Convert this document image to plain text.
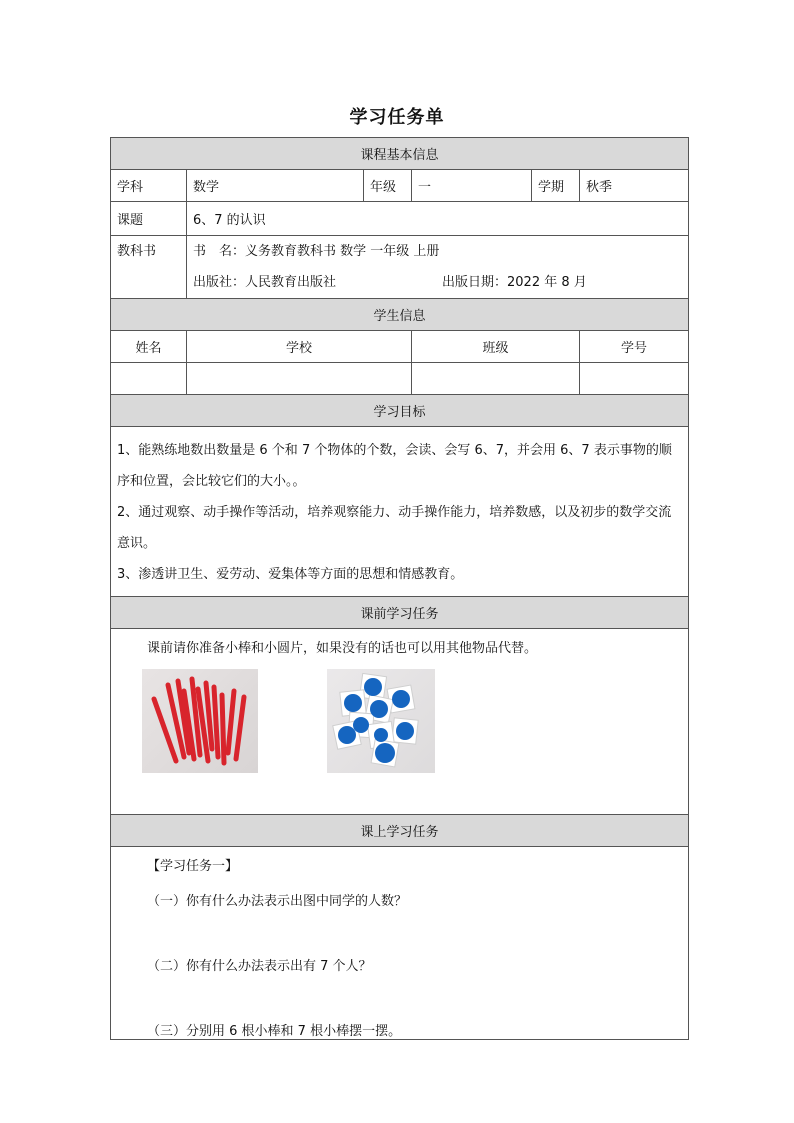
学习任务单
课程基本信息					
学科	数学	年级	一	学期	秋季
课题	6、7 的认识				
教科书	书　名：义务教育教科书 数学 一年级 上册

出版社：人民教育出版社 出版日期：2022 年 8 月				

学生信息					
姓名	学校		班级		学号

学习目标					

1、能熟练地数出数量是 6 个和 7 个物体的个数，会读、会写 6、7，并会用 6、7 表示事物的顺序和位置，会比较它们的大小。。

2、通过观察、动手操作等活动，培养观察能力、动手操作能力，培养数感，以及初步的数学交流意识。

3、渗透讲卫生、爱劳动、爱集体等方面的思想和情感教育。					

课前学习任务					

课前请你准备小棒和小圆片，如果没有的话也可以用其他物品代替。					

课上学习任务					

【学习任务一】

（一）你有什么办法表示出图中同学的人数？

（二）你有什么办法表示出有 7 个人？

（三）分别用 6 根小棒和 7 根小棒摆一摆。					
